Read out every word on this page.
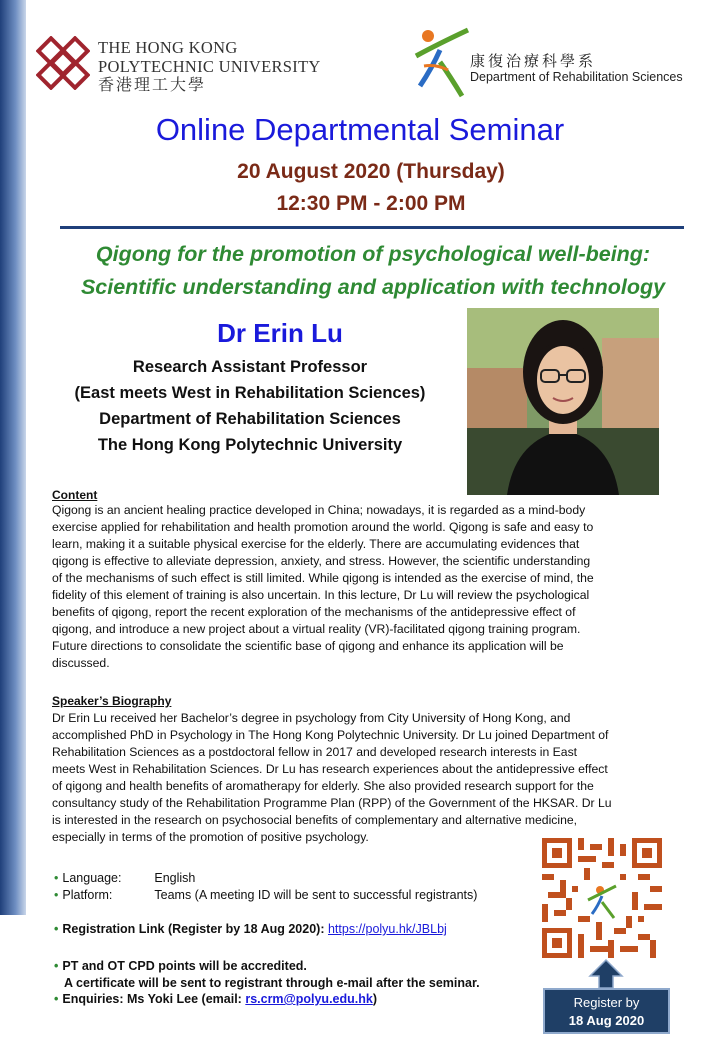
THE HONG KONG
POLYTECHNIC UNIVERSITY
香港理工大學
康復治療科學系
Department of Rehabilitation Sciences
Online Departmental Seminar
20 August 2020 (Thursday)
12:30 PM - 2:00 PM
Qigong for the promotion of psychological well-being:
Scientific understanding and application with technology
Dr Erin Lu
Research Assistant Professor
(East meets West in Rehabilitation Sciences)
Department of Rehabilitation Sciences
The Hong Kong Polytechnic University
Content
Qigong is an ancient healing practice developed in China; nowadays, it is regarded as a mind-body
exercise applied for rehabilitation and health promotion around the world. Qigong is safe and easy to
learn, making it a suitable physical exercise for the elderly. There are accumulating evidences that
qigong is effective to alleviate depression, anxiety, and stress. However, the scientific understanding
of the mechanisms of such effect is still limited. While qigong is intended as the exercise of mind, the
fidelity of this element of training is also uncertain. In this lecture, Dr Lu will review the psychological
benefits of qigong, report the recent exploration of the mechanisms of the antidepressive effect of
qigong, and introduce a new project about a virtual reality (VR)-facilitated qigong training program.
Future directions to consolidate the scientific base of qigong and enhance its application will be
discussed.
Speaker’s Biography
Dr Erin Lu received her Bachelor’s degree in psychology from City University of Hong Kong, and
accomplished PhD in Psychology in The Hong Kong Polytechnic University. Dr Lu joined Department of
Rehabilitation Sciences as a postdoctoral fellow in 2017 and developed research interests in East
meets West in Rehabilitation Sciences. Dr Lu has research experiences about the antidepressive effect
of qigong and health benefits of aromatherapy for elderly. She also provided research support for the
consultancy study of the Rehabilitation Programme Plan (RPP) of the Government of the HKSAR. Dr Lu
is interested in the research on psychosocial benefits of complementary and alternative medicine,
especially in terms of the promotion of positive psychology.
• Language:	English
• Platform:	Teams (A meeting ID will be sent to successful registrants)
• Registration Link (Register by 18 Aug 2020): https://polyu.hk/JBLbj
• PT and OT CPD points will be accredited.
A certificate will be sent to registrant through e-mail after the seminar.
• Enquiries: Ms Yoki Lee (email: rs.crm@polyu.edu.hk)	Register by
18 Aug 2020
